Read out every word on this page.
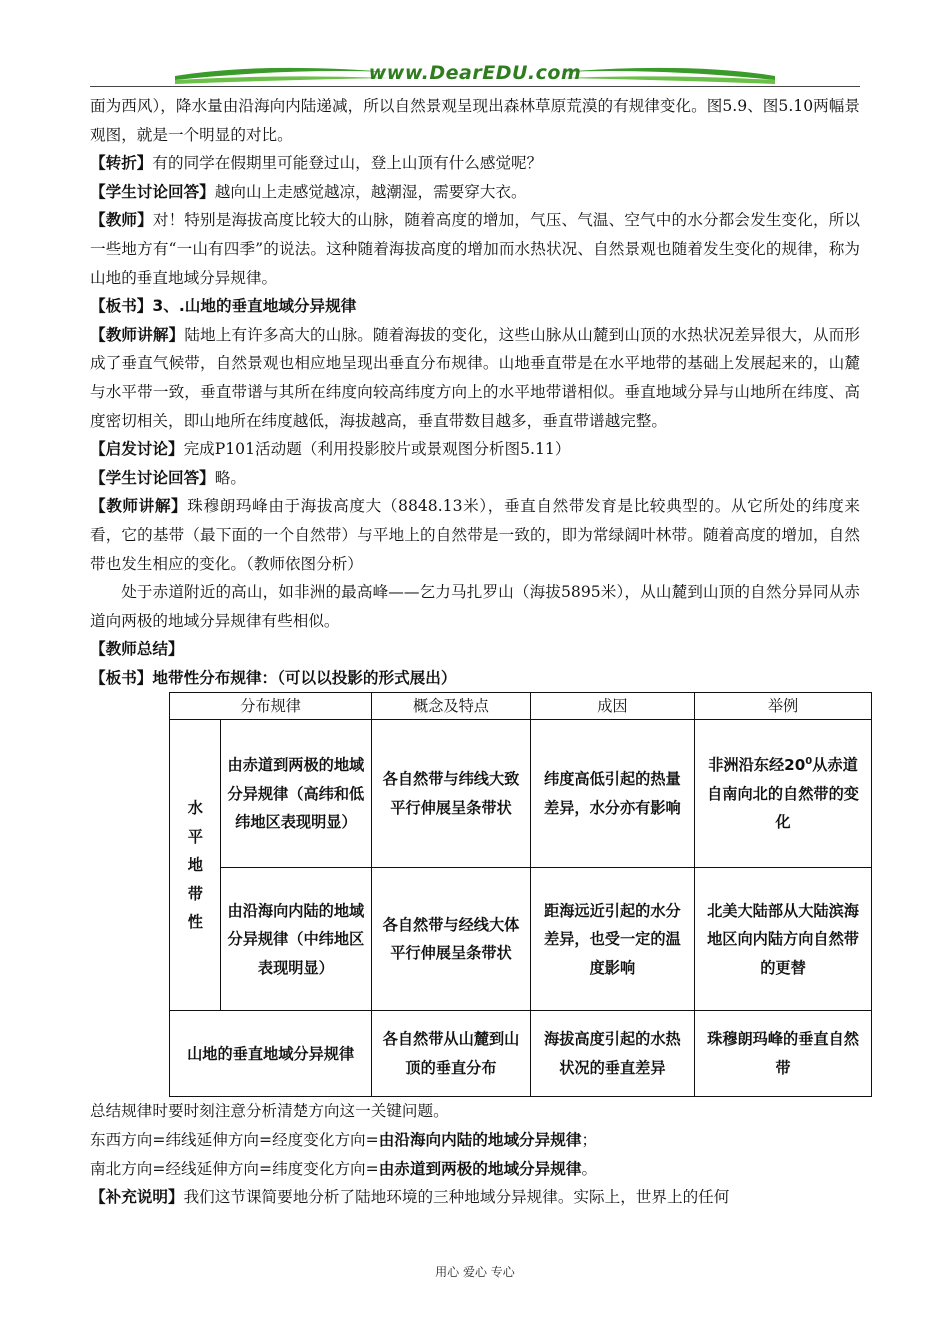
www.DearEDU.com

面为西风），降水量由沿海向内陆递减，所以自然景观呈现出森林草原荒漠的有规律变化。图5.9、图5.10两幅景观图，就是一个明显的对比。

【转折】有的同学在假期里可能登过山，登上山顶有什么感觉呢？

【学生讨论回答】越向山上走感觉越凉，越潮湿，需要穿大衣。

【教师】对！特别是海拔高度比较大的山脉，随着高度的增加，气压、气温、空气中的水分都会发生变化，所以一些地方有“一山有四季”的说法。这种随着海拔高度的增加而水热状况、自然景观也随着发生变化的规律，称为山地的垂直地域分异规律。

【板书】3、.山地的垂直地域分异规律

【教师讲解】陆地上有许多高大的山脉。随着海拔的变化，这些山脉从山麓到山顶的水热状况差异很大，从而形成了垂直气候带，自然景观也相应地呈现出垂直分布规律。山地垂直带是在水平地带的基础上发展起来的，山麓与水平带一致，垂直带谱与其所在纬度向较高纬度方向上的水平地带谱相似。垂直地域分异与山地所在纬度、高度密切相关，即山地所在纬度越低，海拔越高，垂直带数目越多，垂直带谱越完整。

【启发讨论】完成P101活动题（利用投影胶片或景观图分析图5.11）

【学生讨论回答】略。

【教师讲解】珠穆朗玛峰由于海拔高度大（8848.13米），垂直自然带发育是比较典型的。从它所处的纬度来看，它的基带（最下面的一个自然带）与平地上的自然带是一致的，即为常绿阔叶林带。随着高度的增加，自然带也发生相应的变化。（教师依图分析）

处于赤道附近的高山，如非洲的最高峰——乞力马扎罗山（海拔5895米），从山麓到山顶的自然分异同从赤道向两极的地域分异规律有些相似。

【教师总结】

【板书】地带性分布规律：（可以以投影的形式展出）

分布规律		概念及特点	成因	举例

水平地带性	由赤道到两极的地域分异规律（高纬和低纬地区表现明显）	各自然带与纬线大致平行伸展呈条带状	纬度高低引起的热量差异，水分亦有影响	非洲沿东经$20^0$从赤道自南向北的自然带的变化
	由沿海向内陆的地域分异规律（中纬地区表现明显）	各自然带与经线大体平行伸展呈条带状	距海远近引起的水分差异，也受一定的温度影响	北美大陆部从大陆滨海地区向内陆方向自然带的更替
山地的垂直地域分异规律		各自然带从山麓到山顶的垂直分布	海拔高度引起的水热状况的垂直差异	珠穆朗玛峰的垂直自然带

总结规律时要时刻注意分析清楚方向这一关键问题。

东西方向=纬线延伸方向=经度变化方向=由沿海向内陆的地域分异规律；

南北方向=经线延伸方向=纬度变化方向=由赤道到两极的地域分异规律。

【补充说明】我们这节课简要地分析了陆地环境的三种地域分异规律。实际上，世界上的任何

用心 爱心 专心
